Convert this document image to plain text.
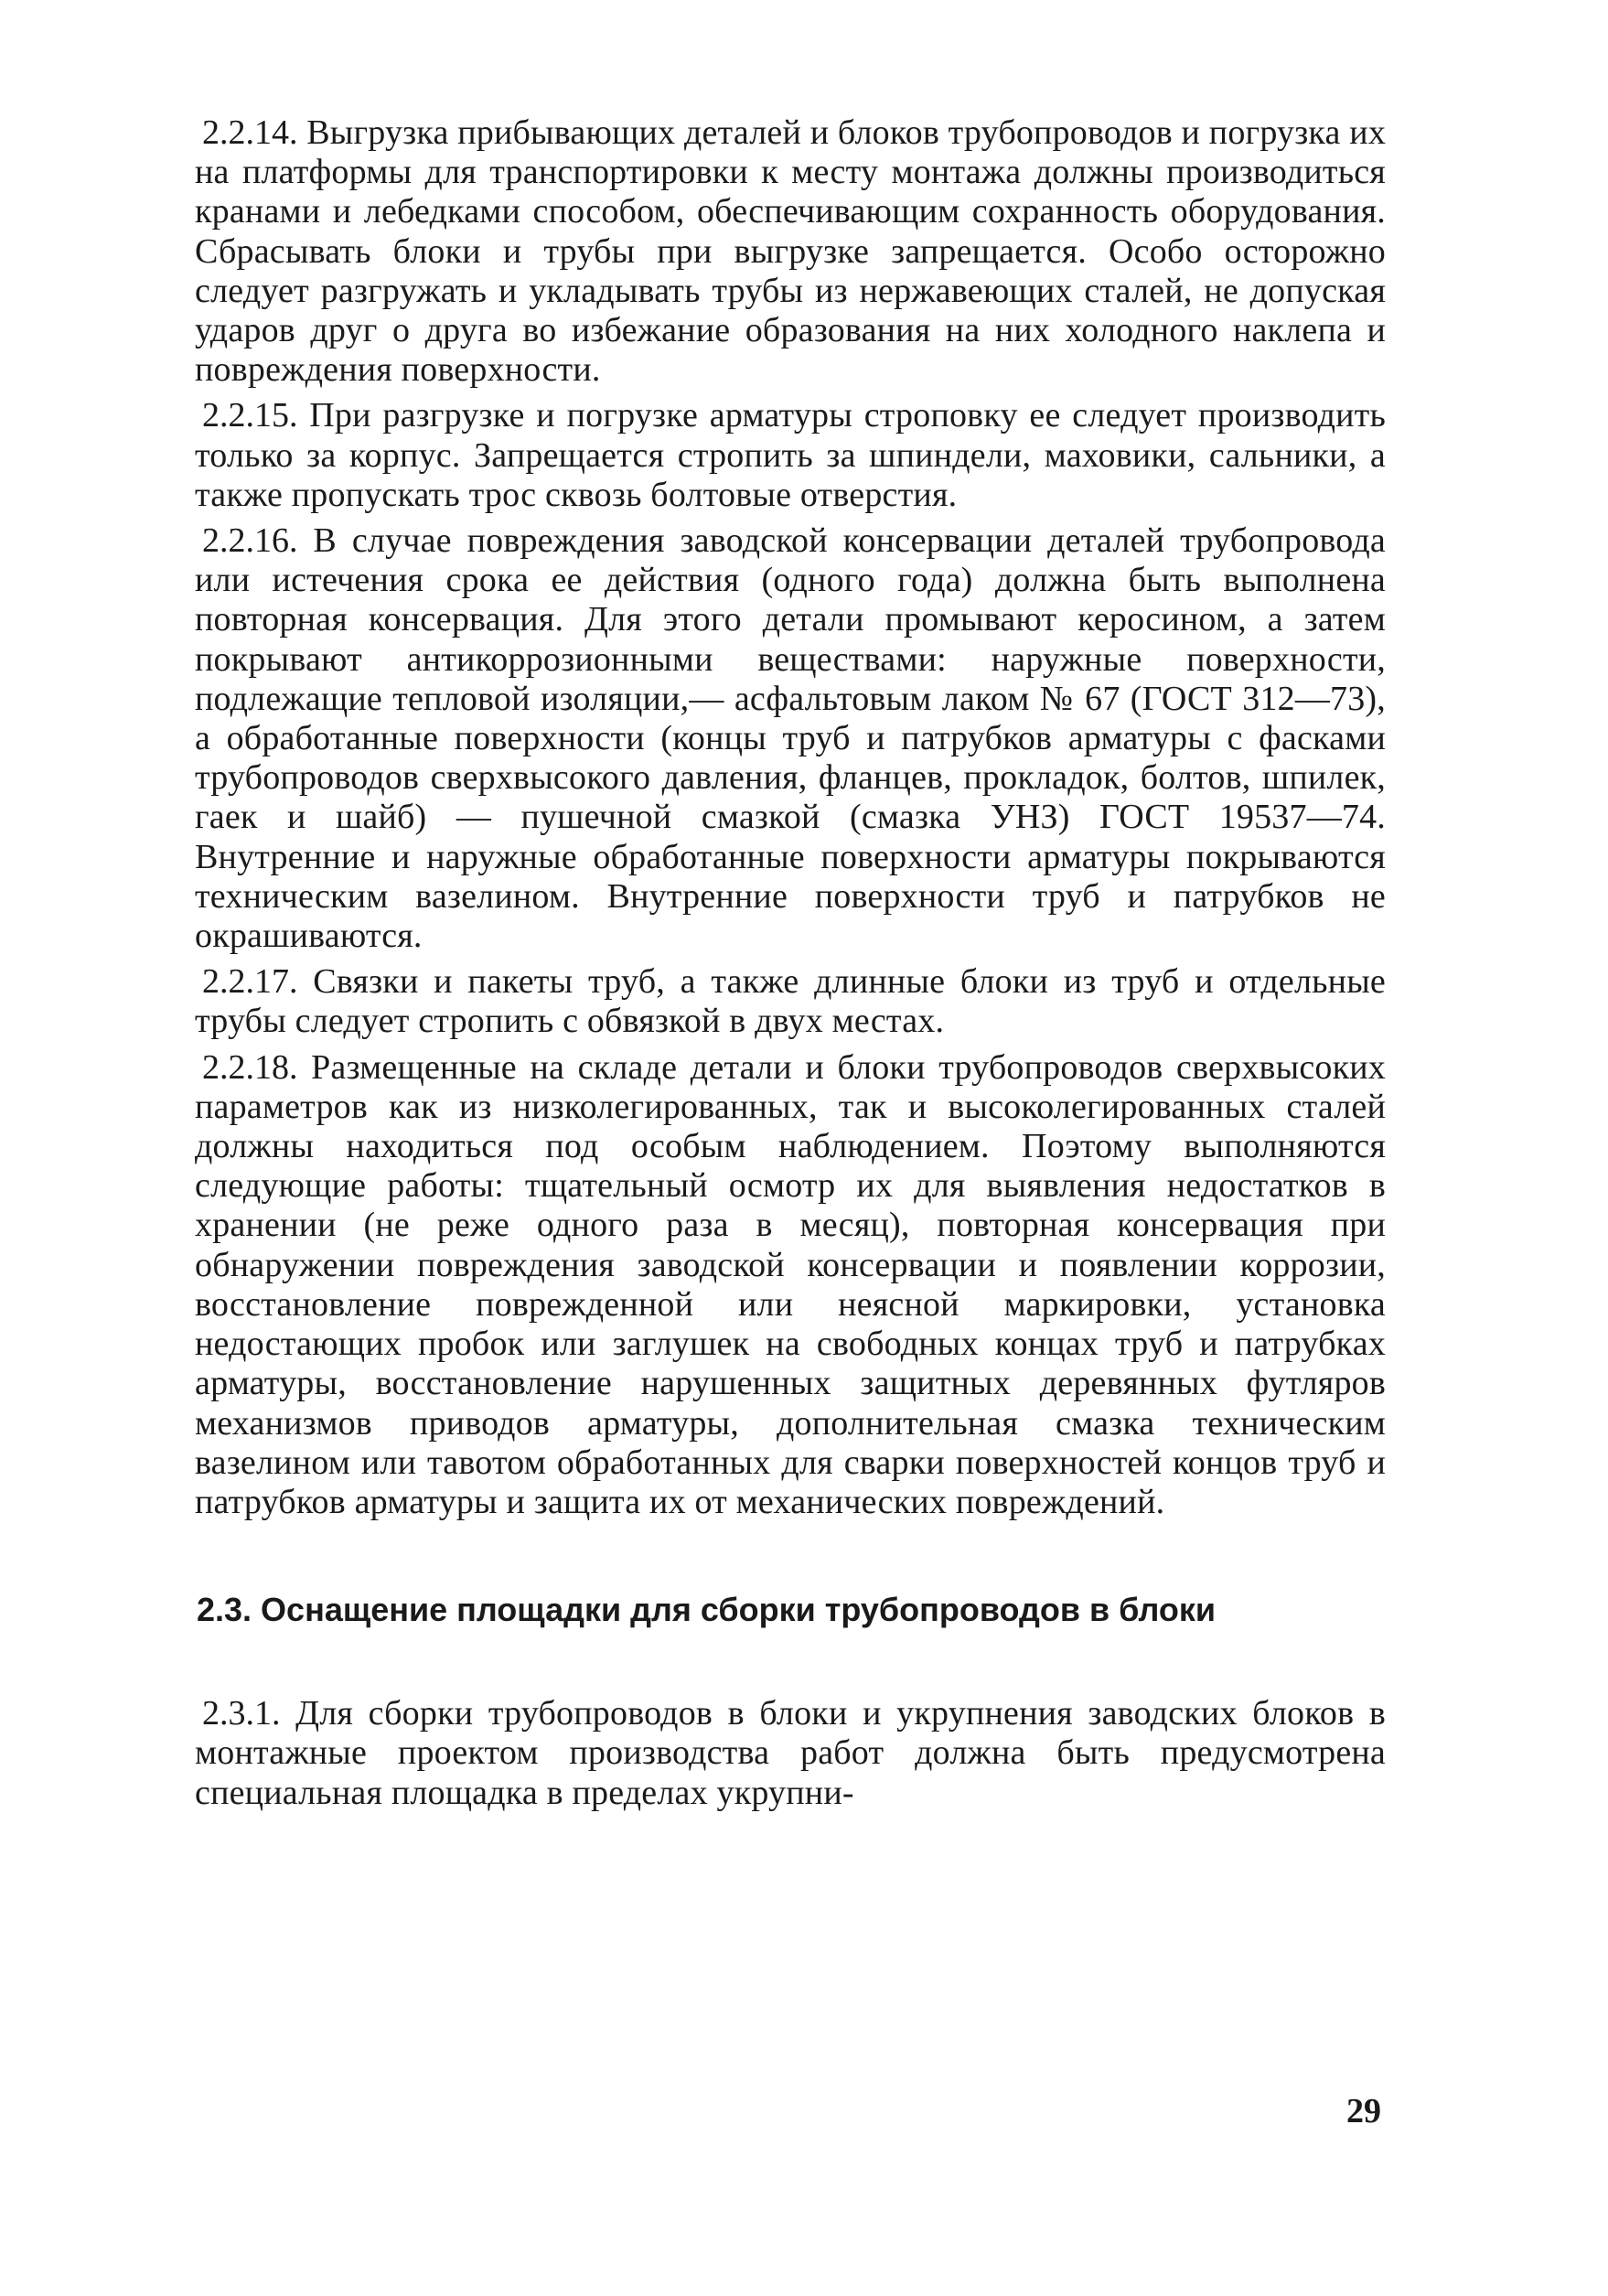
2.2.14. Выгрузка прибывающих деталей и блоков трубопроводов и погрузка их на платформы для транспортировки к месту монтажа должны производиться кранами и лебедками способом, обеспечивающим сохранность оборудования. Сбрасывать блоки и трубы при выгрузке запрещается. Особо осторожно следует разгружать и укладывать трубы из нержавеющих сталей, не допуская ударов друг о друга во избежание образования на них холодного наклепа и повреждения поверхности.

2.2.15. При разгрузке и погрузке арматуры строповку ее следует производить только за корпус. Запрещается стропить за шпиндели, маховики, сальники, а также пропускать трос сквозь болтовые отверстия.

2.2.16. В случае повреждения заводской консервации деталей трубопровода или истечения срока ее действия (одного года) должна быть выполнена повторная консервация. Для этого детали промывают керосином, а затем покрывают антикоррозионными веществами: наружные поверхности, подлежащие тепловой изоляции,— асфальтовым лаком № 67 (ГОСТ 312—73), а обработанные поверхности (концы труб и патрубков арматуры с фасками трубопроводов сверхвысокого давления, фланцев, прокладок, болтов, шпилек, гаек и шайб) — пушечной смазкой (смазка УНЗ) ГОСТ 19537—74. Внутренние и наружные обработанные поверхности арматуры покрываются техническим вазелином. Внутренние поверхности труб и патрубков не окрашиваются.

2.2.17. Связки и пакеты труб, а также длинные блоки из труб и отдельные трубы следует стропить с обвязкой в двух местах.

2.2.18. Размещенные на складе детали и блоки трубопроводов сверхвысоких параметров как из низколегированных, так и высоколегированных сталей должны находиться под особым наблюдением. Поэтому выполняются следующие работы: тщательный осмотр их для выявления недостатков в хранении (не реже одного раза в месяц), повторная консервация при обнаружении повреждения заводской консервации и появлении коррозии, восстановление поврежденной или неясной маркировки, установка недостающих пробок или заглушек на свободных концах труб и патрубках арматуры, восстановление нарушенных защитных деревянных футляров механизмов приводов арматуры, дополнительная смазка техническим вазелином или тавотом обработанных для сварки поверхностей концов труб и патрубков арматуры и защита их от механических повреждений.

2.3. Оснащение площадки для сборки трубопроводов в блоки

2.3.1. Для сборки трубопроводов в блоки и укрупнения заводских блоков в монтажные проектом производства работ должна быть предусмотрена специальная площадка в пределах укрупни-

29
